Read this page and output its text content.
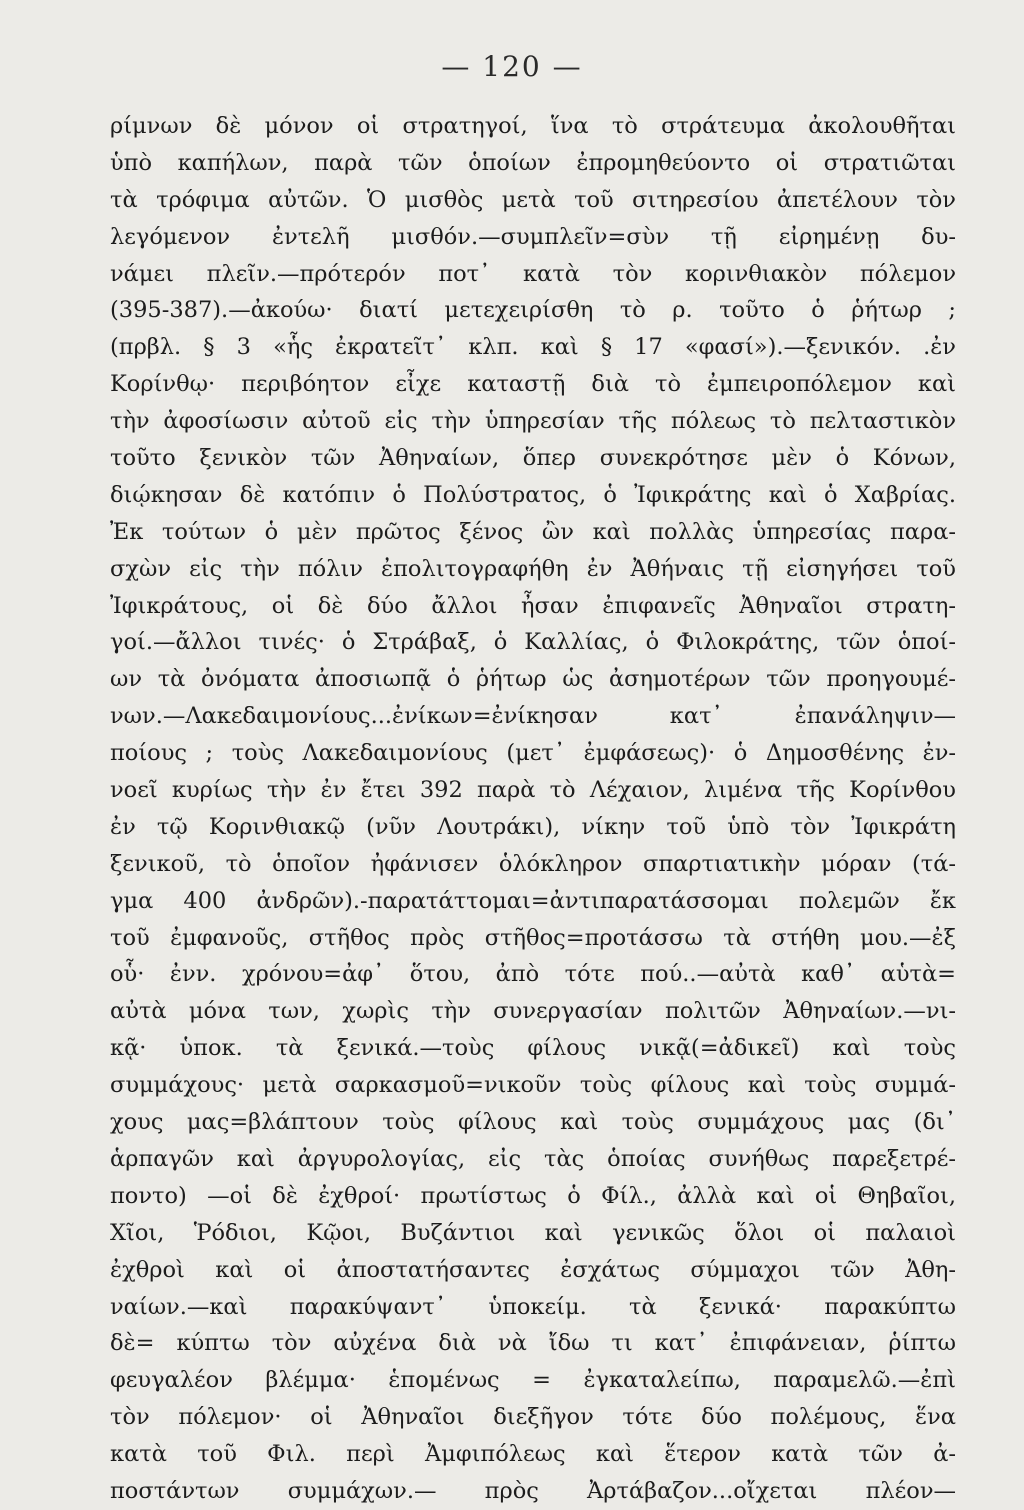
— 120 —
ρίμνων δὲ μόνον οἱ στρατηγοί, ἵνα τὸ στράτευμα ἀκολουθῆται
ὑπὸ καπήλων, παρὰ τῶν ὁποίων ἐπρομηθεύοντο οἱ στρατιῶται
τὰ τρόφιμα αὐτῶν. Ὁ μισθὸς μετὰ τοῦ σιτηρεσίου ἀπετέλουν τὸν
λεγόμενον ἐντελῆ μισθόν.—συμπλεῖν=σὺν τῇ εἰρημένῃ δυ-
νάμει πλεῖν.—πρότερόν ποτ᾽ κατὰ τὸν κορινθιακὸν πόλεμον
(395-387).—ἀκούω· διατί μετεχειρίσθη τὸ ρ. τοῦτο ὁ ῥήτωρ ;
(πρβλ. § 3 «ἧς ἐκρατεῖτ᾽ κλπ. καὶ § 17 «φασί»).—ξενικόν. .ἐν
Κορίνθῳ· περιβόητον εἶχε καταστῇ διὰ τὸ ἐμπειροπόλεμον καὶ
τὴν ἀφοσίωσιν αὐτοῦ εἰς τὴν ὑπηρεσίαν τῆς πόλεως τὸ πελταστικὸν
τοῦτο ξενικὸν τῶν Ἀθηναίων, ὅπερ συνεκρότησε μὲν ὁ Κόνων,
διῴκησαν δὲ κατόπιν ὁ Πολύστρατος, ὁ Ἰφικράτης καὶ ὁ Χαβρίας.
Ἐκ τούτων ὁ μὲν πρῶτος ξένος ὢν καὶ πολλὰς ὑπηρεσίας παρα-
σχὼν εἰς τὴν πόλιν ἐπολιτογραφήθη ἐν Ἀθήναις τῇ εἰσηγήσει τοῦ
Ἰφικράτους, οἱ δὲ δύο ἄλλοι ἦσαν ἐπιφανεῖς Ἀθηναῖοι στρατη-
γοί.—ἄλλοι τινές· ὁ Στράβαξ, ὁ Καλλίας, ὁ Φιλοκράτης, τῶν ὁποί-
ων τὰ ὀνόματα ἀποσιωπᾷ ὁ ῥήτωρ ὡς ἀσημοτέρων τῶν προηγουμέ-
νων.—Λακεδαιμονίους...ἐνίκων=ἐνίκησαν κατ᾽ ἐπανάληψιν—
ποίους ; τοὺς Λακεδαιμονίους (μετ᾽ ἐμφάσεως)· ὁ Δημοσθένης ἐν-
νοεῖ κυρίως τὴν ἐν ἔτει 392 παρὰ τὸ Λέχαιον, λιμένα τῆς Κορίνθου
ἐν τῷ Κορινθιακῷ (νῦν Λουτράκι), νίκην τοῦ ὑπὸ τὸν Ἰφικράτη
ξενικοῦ, τὸ ὁποῖον ἠφάνισεν ὁλόκληρον σπαρτιατικὴν μόραν (τά-
γμα 400 ἀνδρῶν).-παρατάττομαι=ἀντιπαρατάσσομαι πολεμῶν ἔκ
τοῦ ἐμφανοῦς, στῆθος πρὸς στῆθος=προτάσσω τὰ στήθη μου.—ἐξ
οὗ· ἐνν. χρόνου=ἀφ᾽ ὅτου, ἀπὸ τότε πού..—αὐτὰ καθ᾽ αὑτὰ=
αὐτὰ μόνα των, χωρὶς τὴν συνεργασίαν πολιτῶν Ἀθηναίων.—νι-
κᾷ· ὑποκ. τὰ ξενικά.—τοὺς φίλους νικᾷ(=ἀδικεῖ) καὶ τοὺς
συμμάχους· μετὰ σαρκασμοῦ=νικοῦν τοὺς φίλους καὶ τοὺς συμμά-
χους μας=βλάπτουν τοὺς φίλους καὶ τοὺς συμμάχους μας (δι᾽
ἁρπαγῶν καὶ ἀργυρολογίας, εἰς τὰς ὁποίας συνήθως παρεξετρέ-
ποντο) —οἱ δὲ ἐχθροί· πρωτίστως ὁ Φίλ., ἀλλὰ καὶ οἱ Θηβαῖοι,
Χῖοι, Ῥόδιοι, Κῷοι, Βυζάντιοι καὶ γενικῶς ὅλοι οἱ παλαιοὶ
ἐχθροὶ καὶ οἱ ἀποστατήσαντες ἐσχάτως σύμμαχοι τῶν Ἀθη-
ναίων.—καὶ παρακύψαντ᾽ ὑποκείμ. τὰ ξενικά· παρακύπτω
δὲ= κύπτω τὸν αὐχένα διὰ νὰ ἴδω τι κατ᾽ ἐπιφάνειαν, ῥίπτω
φευγαλέον βλέμμα· ἑπομένως = ἐγκαταλείπω, παραμελῶ.—ἐπὶ
τὸν πόλεμον· οἱ Ἀθηναῖοι διεξῆγον τότε δύο πολέμους, ἕνα
κατὰ τοῦ Φιλ. περὶ Ἀμφιπόλεως καὶ ἕτερον κατὰ τῶν ἀ-
ποστάντων συμμάχων.— πρὸς Ἀρτάβαζον...οἴχεται πλέον—
